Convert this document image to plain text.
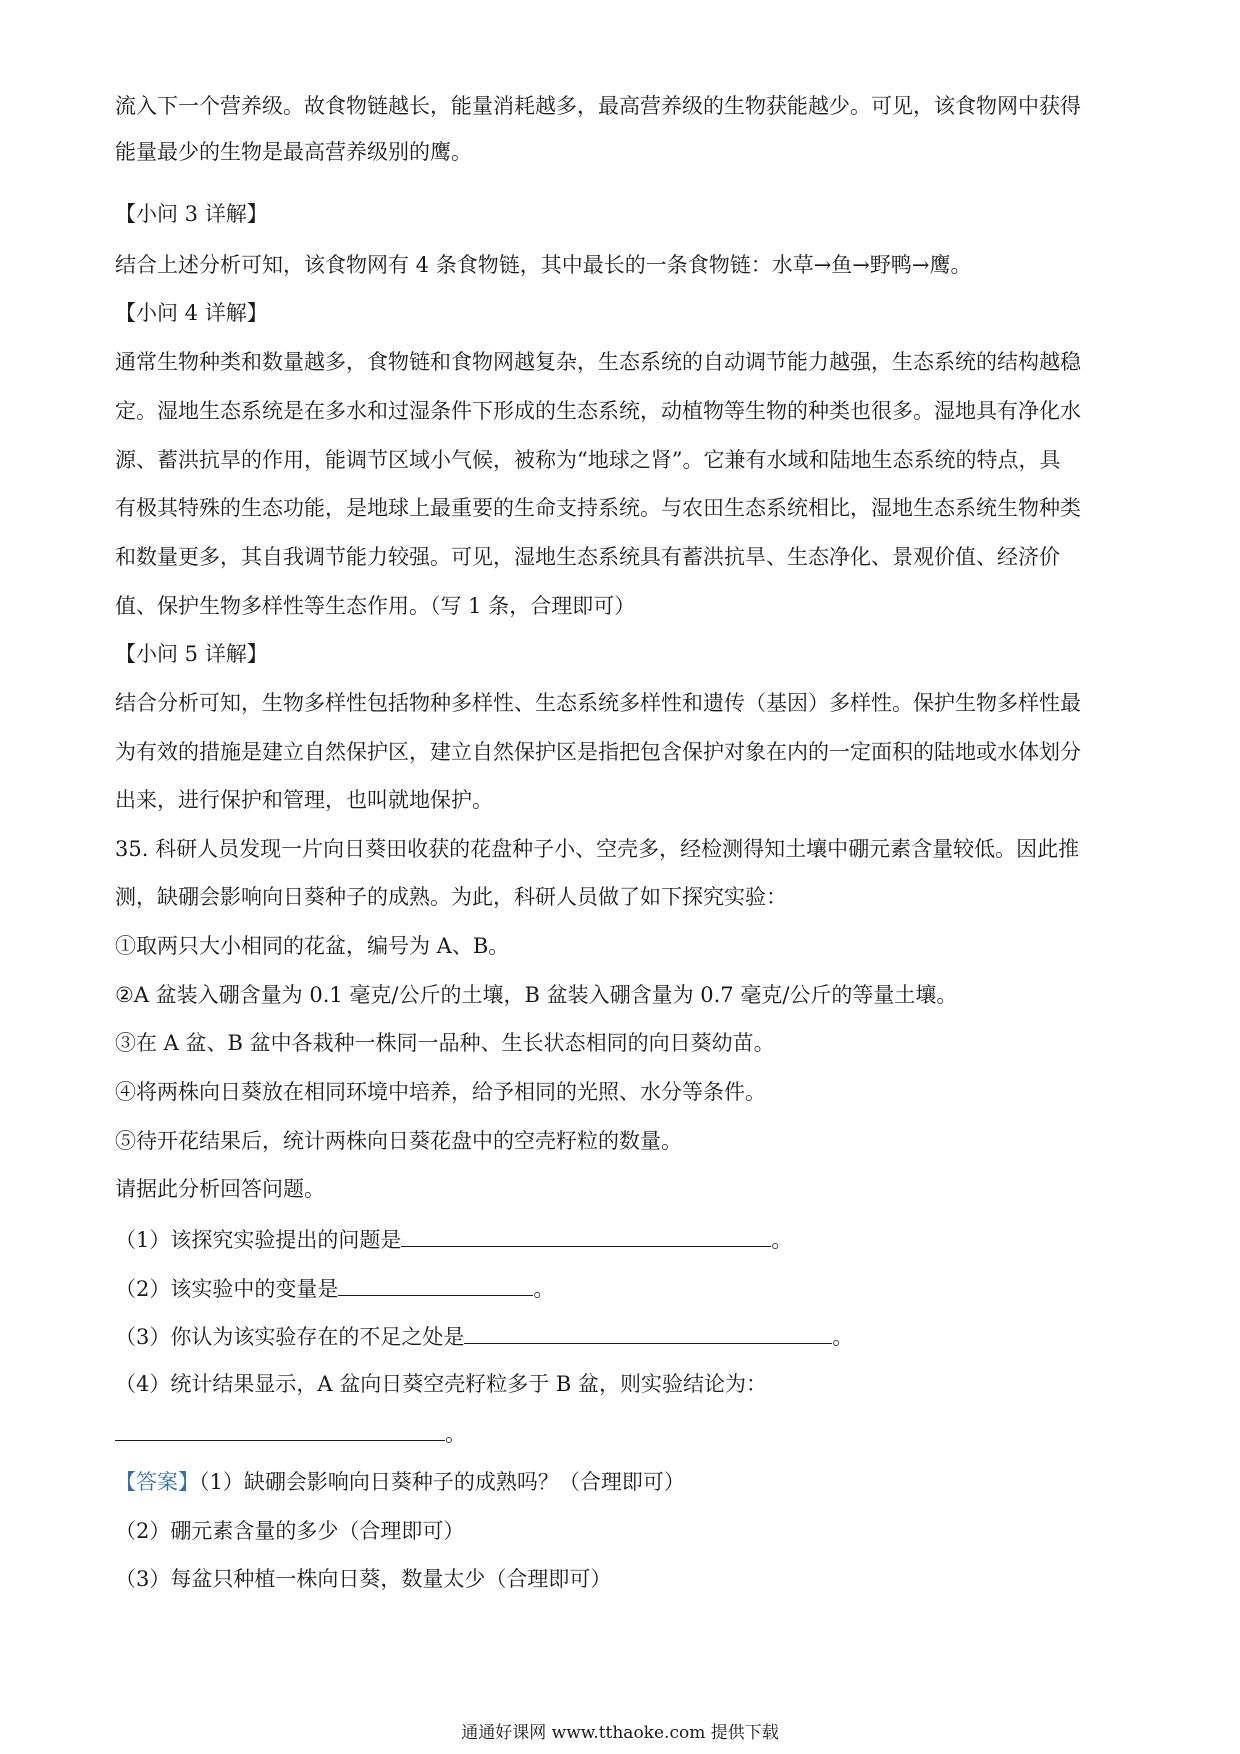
流入下一个营养级。故食物链越长，能量消耗越多，最高营养级的生物获能越少。可见，该食物网中获得
能量最少的生物是最高营养级别的鹰。
【小问 3 详解】
结合上述分析可知，该食物网有 4 条食物链，其中最长的一条食物链：水草→鱼→野鸭→鹰。
【小问 4 详解】
通常生物种类和数量越多，食物链和食物网越复杂，生态系统的自动调节能力越强，生态系统的结构越稳
定。湿地生态系统是在多水和过湿条件下形成的生态系统，动植物等生物的种类也很多。湿地具有净化水
源、蓄洪抗旱的作用，能调节区域小气候，被称为“地球之肾”。它兼有水域和陆地生态系统的特点，具
有极其特殊的生态功能，是地球上最重要的生命支持系统。与农田生态系统相比，湿地生态系统生物种类
和数量更多，其自我调节能力较强。可见，湿地生态系统具有蓄洪抗旱、生态净化、景观价值、经济价
值、保护生物多样性等生态作用。（写 1 条，合理即可）
【小问 5 详解】
结合分析可知，生物多样性包括物种多样性、生态系统多样性和遗传（基因）多样性。保护生物多样性最
为有效的措施是建立自然保护区，建立自然保护区是指把包含保护对象在内的一定面积的陆地或水体划分
出来，进行保护和管理，也叫就地保护。
35. 科研人员发现一片向日葵田收获的花盘种子小、空壳多，经检测得知土壤中硼元素含量较低。因此推
测，缺硼会影响向日葵种子的成熟。为此，科研人员做了如下探究实验：
①取两只大小相同的花盆，编号为 A、B。
②A 盆装入硼含量为 0.1 毫克/公斤的土壤，B 盆装入硼含量为 0.7 毫克/公斤的等量土壤。
③在 A 盆、B 盆中各栽种一株同一品种、生长状态相同的向日葵幼苗。
④将两株向日葵放在相同环境中培养，给予相同的光照、水分等条件。
⑤待开花结果后，统计两株向日葵花盘中的空壳籽粒的数量。
请据此分析回答问题。
（1）该探究实验提出的问题是	。
（2）该实验中的变量是	。
（3）你认为该实验存在的不足之处是	。
（4）统计结果显示，A 盆向日葵空壳籽粒多于 B 盆，则实验结论为：
。
【答案】（1）缺硼会影响向日葵种子的成熟吗？（合理即可）
（2）硼元素含量的多少（合理即可）
（3）每盆只种植一株向日葵，数量太少（合理即可）
通通好课网 www.tthaoke.com 提供下载
